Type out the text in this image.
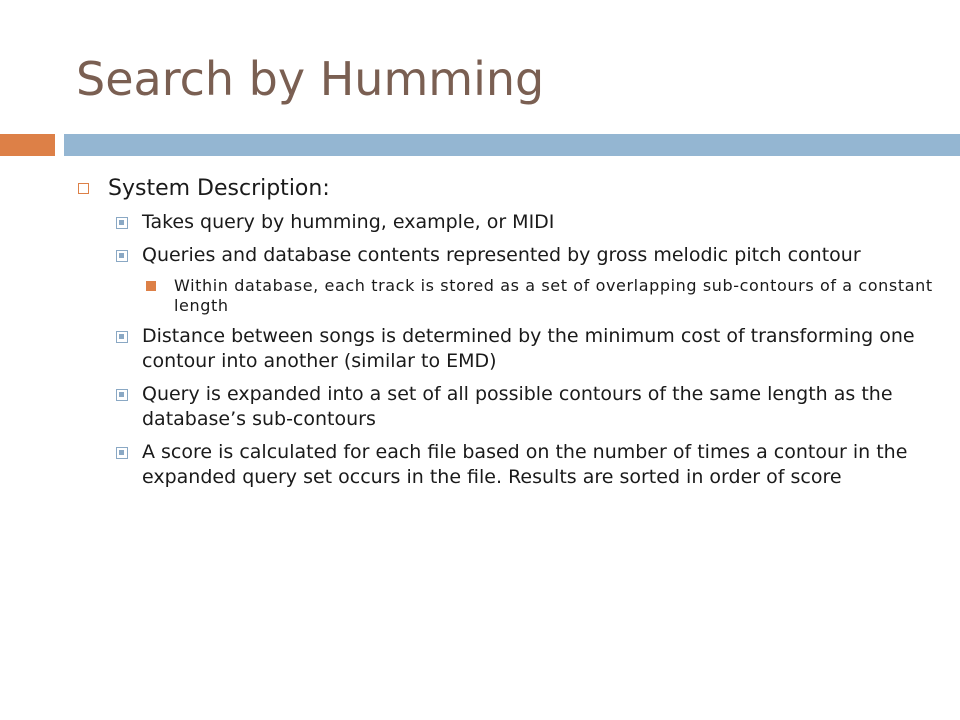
Search by Humming
System Description:
Takes query by humming, example, or MIDI
Queries and database contents represented by gross melodic pitch contour
Within database, each track is stored as a set of overlapping sub-contours of a constant length
Distance between songs is determined by the minimum cost of transforming one contour into another (similar to EMD)
Query is expanded into a set of all possible contours of the same length as the database’s sub-contours
A score is calculated for each file based on the number of times a contour in the expanded query set occurs in the file. Results are sorted in order of score
